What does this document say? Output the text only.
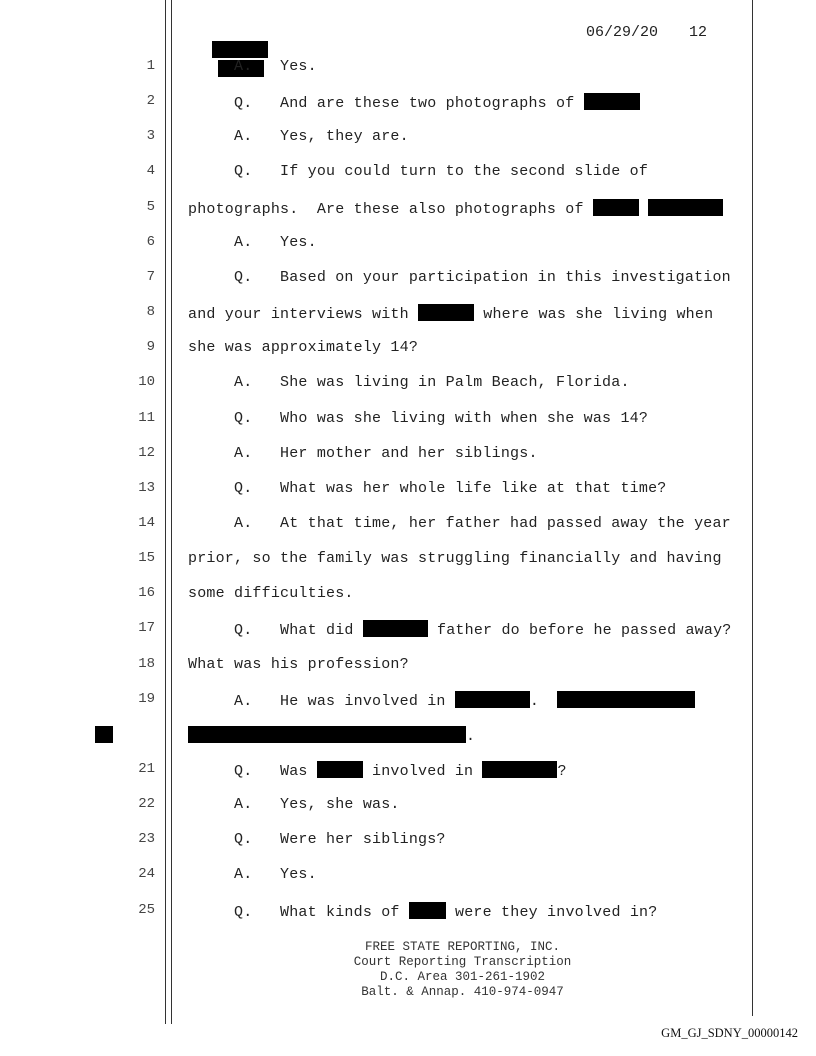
06/29/20 12
1	A.   Yes.
2	Q.   And are these two photographs of
3	A.   Yes, they are.
4	Q.   If you could turn to the second slide of
5 photographs.  Are these also photographs of
6	A.   Yes.
7	Q.   Based on your participation in this investigation
8 and your interviews with	where was she living when
9 she was approximately 14?
10	A.   She was living in Palm Beach, Florida.
11	Q.   Who was she living with when she was 14?
12	A.   Her mother and her siblings.
13	Q.   What was her whole life like at that time?
14	A.   At that time, her father had passed away the year
15 prior, so the family was struggling financially and having
16 some difficulties.
17	Q.   What did	father do before he passed away?
18 What was his profession?
19	A.   He was involved in	.
.
21	Q.   Was	involved in	?
22	A.   Yes, she was.
23	Q.   Were her siblings?
24	A.   Yes.
25	Q.   What kinds of  were they involved in?
FREE STATE REPORTING, INC.
Court Reporting Transcription
D.C. Area 301-261-1902
Balt. & Annap. 410-974-0947
GM_GJ_SDNY_00000142
